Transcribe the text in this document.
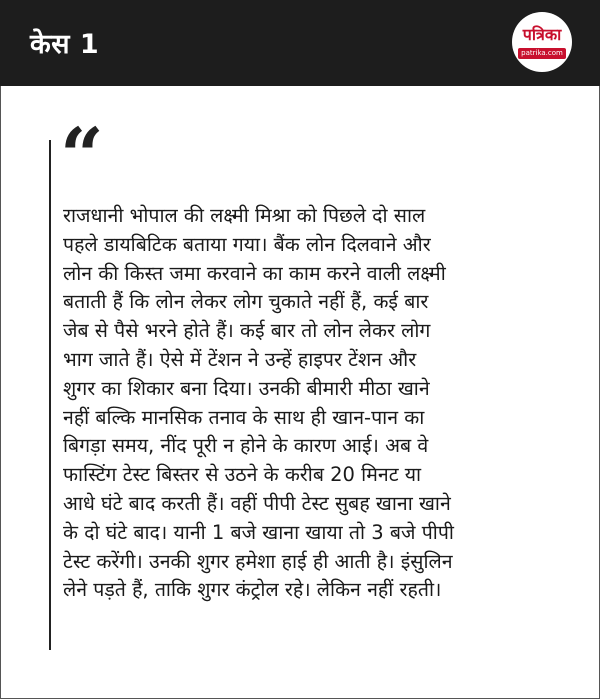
केस 1	पत्रिका
patrika.com
“
राजधानी भोपाल की लक्ष्मी मिश्रा को पिछले दो साल
पहले डायबिटिक बताया गया। बैंक लोन दिलवाने और
लोन की किस्त जमा करवाने का काम करने वाली लक्ष्मी
बताती हैं कि लोन लेकर लोग चुकाते नहीं हैं, कई बार
जेब से पैसे भरने होते हैं। कई बार तो लोन लेकर लोग
भाग जाते हैं। ऐसे में टेंशन ने उन्हें हाइपर टेंशन और
शुगर का शिकार बना दिया। उनकी बीमारी मीठा खाने
नहीं बल्कि मानसिक तनाव के साथ ही खान-पान का
बिगड़ा समय, नींद पूरी न होने के कारण आई। अब वे
फास्टिंग टेस्ट बिस्तर से उठने के करीब 20 मिनट या
आधे घंटे बाद करती हैं। वहीं पीपी टेस्ट सुबह खाना खाने
के दो घंटे बाद। यानी 1 बजे खाना खाया तो 3 बजे पीपी
टेस्ट करेंगी। उनकी शुगर हमेशा हाई ही आती है। इंसुलिन
लेने पड़ते हैं, ताकि शुगर कंट्रोल रहे। लेकिन नहीं रहती।
